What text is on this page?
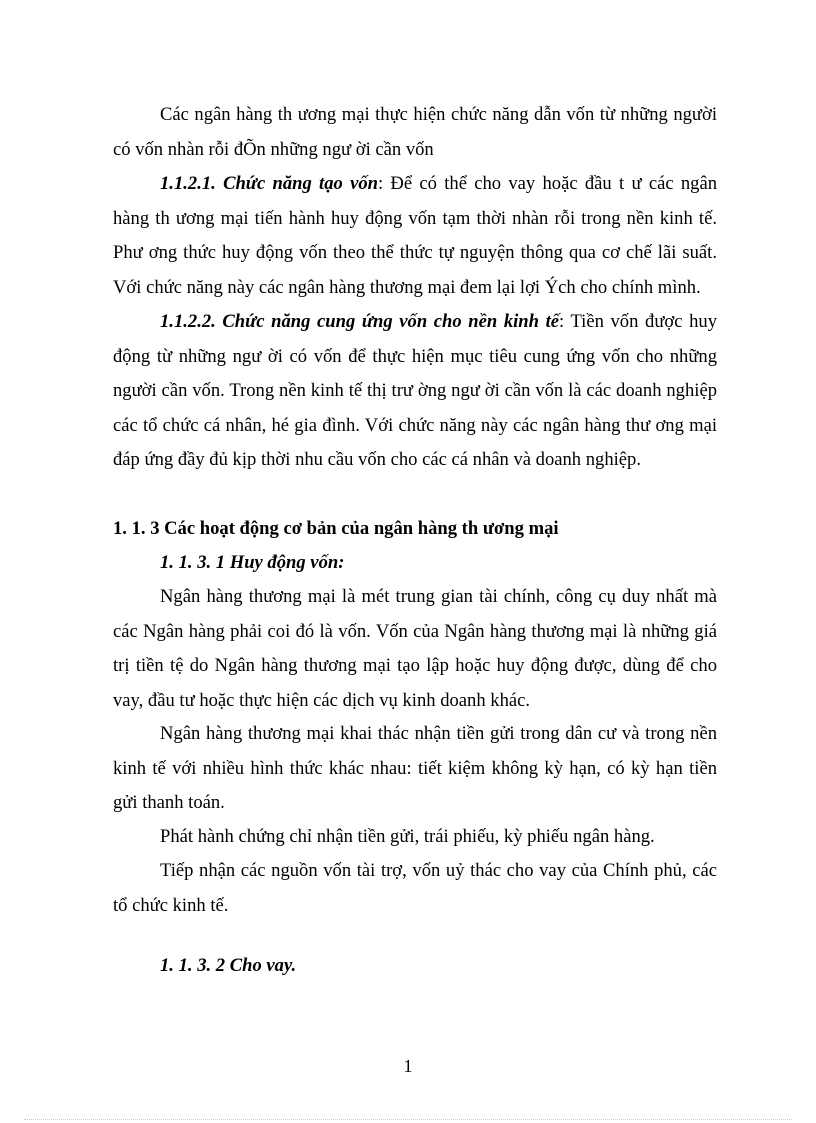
Các ngân hàng th ương mại thực hiện chức năng dẫn vốn từ những người có vốn nhàn rỗi đÕn những ngư ời cần vốn

1.1.2.1. Chức năng tạo vốn: Để có thể cho vay hoặc đầu t ư các ngân hàng th ương mại tiến hành huy động vốn tạm thời nhàn rỗi trong nền kinh tế. Phư ơng thức huy động vốn theo thể thức tự nguyện thông qua cơ chế lãi suất. Với chức năng này các ngân hàng thương mại đem lại lợi Ých cho chính mình.

1.1.2.2. Chức năng cung ứng vốn cho nền kinh tế: Tiền vốn được huy động từ những ngư ời có vốn để thực hiện mục tiêu cung ứng vốn cho những người cần vốn. Trong nền kinh tế thị trư ờng ngư ời cần vốn là các doanh nghiệp các tổ chức cá nhân, hé gia đình. Với chức năng này các ngân hàng thư ơng mại đáp ứng đầy đủ kịp thời nhu cầu vốn cho các cá nhân và doanh nghiệp.

1. 1. 3 Các hoạt động cơ bản của ngân hàng th ương mại

1. 1. 3. 1 Huy động vốn:

Ngân hàng thương mại là mét trung gian tài chính, công cụ duy nhất mà các Ngân hàng phải coi đó là vốn. Vốn của Ngân hàng thương mại là những giá trị tiền tệ do Ngân hàng thương mại tạo lập hoặc huy động được, dùng để cho vay, đầu tư hoặc thực hiện các dịch vụ kinh doanh khác.

Ngân hàng thương mại khai thác nhận tiền gửi trong dân cư và trong nền kinh tế với nhiều hình thức khác nhau: tiết kiệm không kỳ hạn, có kỳ hạn tiền gửi thanh toán.

Phát hành chứng chỉ nhận tiền gửi, trái phiếu, kỳ phiếu ngân hàng.

Tiếp nhận các nguồn vốn tài trợ, vốn uỷ thác cho vay của Chính phủ, các tổ chức kinh tế.

1. 1. 3. 2 Cho vay.

1
